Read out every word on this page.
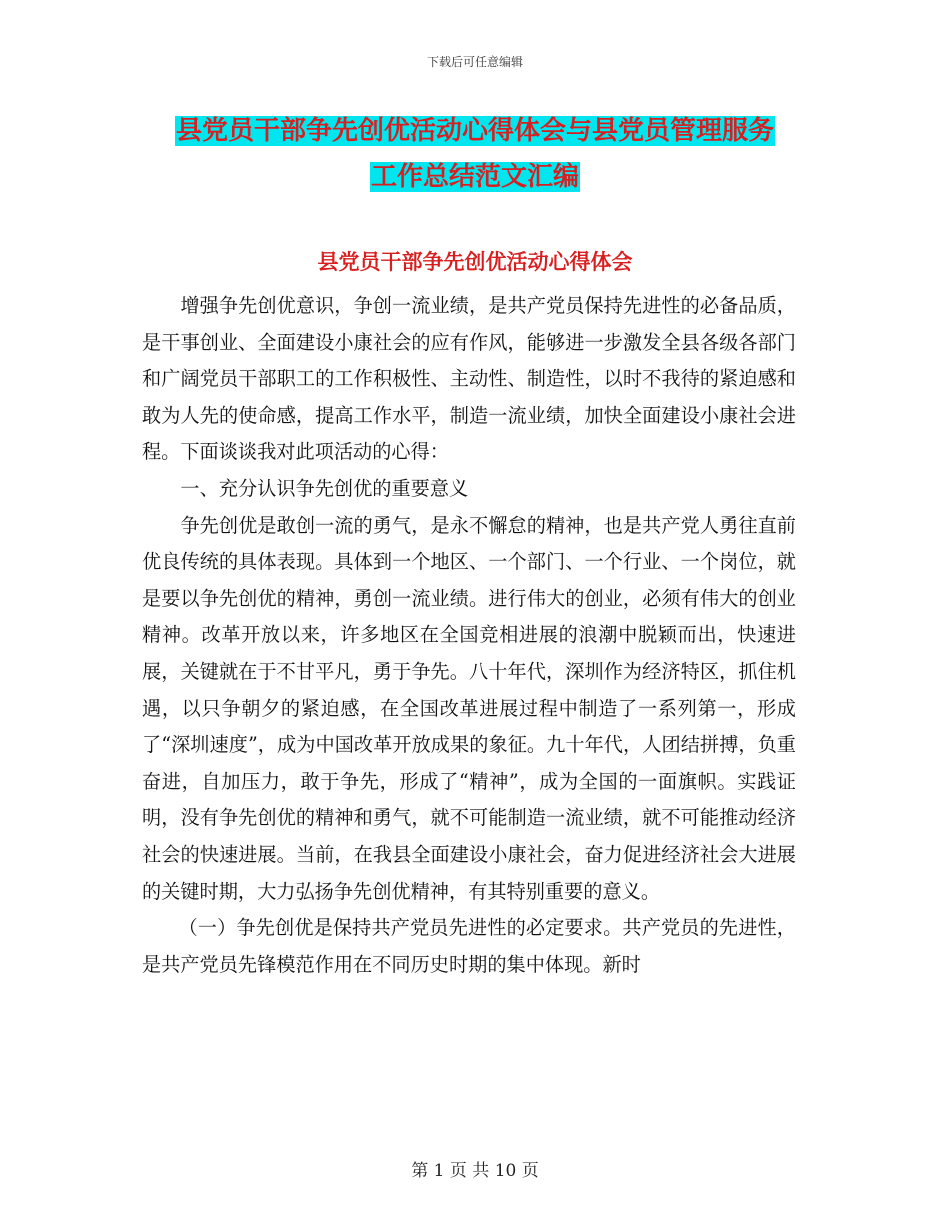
下载后可任意编辑
县党员干部争先创优活动心得体会与县党员管理服务
工作总结范文汇编
县党员干部争先创优活动心得体会

增强争先创优意识，争创一流业绩，是共产党员保持先进性的必备品质，是干事创业、全面建设小康社会的应有作风，能够进一步激发全县各级各部门和广阔党员干部职工的工作积极性、主动性、制造性，以时不我待的紧迫感和敢为人先的使命感，提高工作水平，制造一流业绩，加快全面建设小康社会进程。下面谈谈我对此项活动的心得：

一、充分认识争先创优的重要意义

争先创优是敢创一流的勇气，是永不懈怠的精神，也是共产党人勇往直前优良传统的具体表现。具体到一个地区、一个部门、一个行业、一个岗位，就是要以争先创优的精神，勇创一流业绩。进行伟大的创业，必须有伟大的创业精神。改革开放以来，许多地区在全国竞相进展的浪潮中脱颖而出，快速进展，关键就在于不甘平凡，勇于争先。八十年代，深圳作为经济特区，抓住机遇，以只争朝夕的紧迫感，在全国改革进展过程中制造了一系列第一，形成了“深圳速度”，成为中国改革开放成果的象征。九十年代，人团结拼搏，负重奋进，自加压力，敢于争先，形成了“精神”，成为全国的一面旗帜。实践证明，没有争先创优的精神和勇气，就不可能制造一流业绩，就不可能推动经济社会的快速进展。当前，在我县全面建设小康社会，奋力促进经济社会大进展的关键时期，大力弘扬争先创优精神，有其特别重要的意义。

（一）争先创优是保持共产党员先进性的必定要求。共产党员的先进性，是共产党员先锋模范作用在不同历史时期的集中体现。新时

第 1 页 共 10 页
